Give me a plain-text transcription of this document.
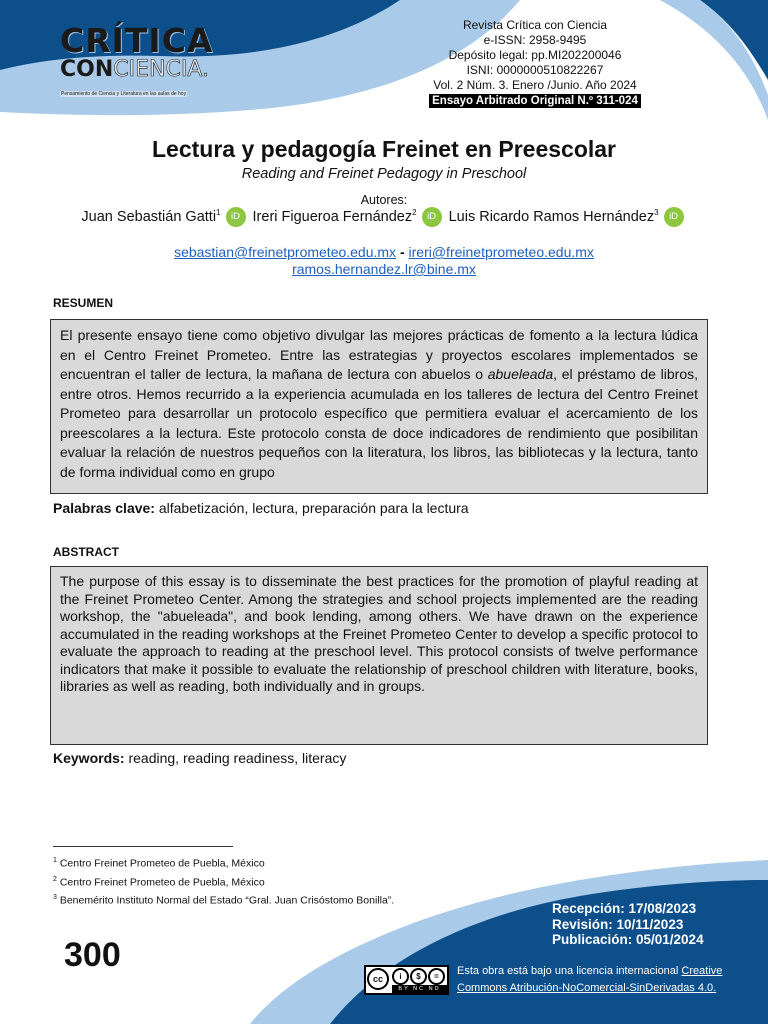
CRÍTICA
CONCIENCIA.
Pensamiento de Ciencia y Literatura en las aulas de hoy
Revista Crítica con Ciencia
e-ISSN: 2958-9495
Depósito legal: pp.MI202200046
ISNI: 0000000510822267
Vol. 2 Núm. 3. Enero /Junio. Año 2024
Ensayo Arbitrado Original N.º 311-024
Lectura y pedagogía Freinet en Preescolar
Reading and Freinet Pedagogy in Preschool
Autores:
Juan Sebastián Gatti$^1$ iD Ireri Figueroa Fernández$^2$ iD Luis Ricardo Ramos Hernández$^3$ iD
sebastian@freinetprometeo.edu.mx - ireri@freinetprometeo.edu.mx
ramos.hernandez.lr@bine.mx
RESUMEN
El presente ensayo tiene como objetivo divulgar las mejores prácticas de fomento a la lectura lúdica en el Centro Freinet Prometeo. Entre las estrategias y proyectos escolares implementados se encuentran el taller de lectura, la mañana de lectura con abuelos o abueleada, el préstamo de libros, entre otros. Hemos recurrido a la experiencia acumulada en los talleres de lectura del Centro Freinet Prometeo para desarrollar un protocolo específico que permitiera evaluar el acercamiento de los preescolares a la lectura. Este protocolo consta de doce indicadores de rendimiento que posibilitan evaluar la relación de nuestros pequeños con la literatura, los libros, las bibliotecas y la lectura, tanto de forma individual como en grupo
Palabras clave: alfabetización, lectura, preparación para la lectura
ABSTRACT
The purpose of this essay is to disseminate the best practices for the promotion of playful reading at the Freinet Prometeo Center. Among the strategies and school projects implemented are the reading workshop, the "abueleada", and book lending, among others. We have drawn on the experience accumulated in the reading workshops at the Freinet Prometeo Center to develop a specific protocol to evaluate the approach to reading at the preschool level. This protocol consists of twelve performance indicators that make it possible to evaluate the relationship of preschool children with literature, books, libraries as well as reading, both individually and in groups.
Keywords: reading, reading readiness, literacy
$^1$ Centro Freinet Prometeo de Puebla, México
$^2$ Centro Freinet Prometeo de Puebla, México
$^3$ Benemérito Instituto Normal del Estado “Gral. Juan Crisóstomo Bonilla”.
Recepción: 17/08/2023
Revisión: 10/11/2023
Publicación: 05/01/2024
300
cc	i	$	=
BY NC ND
Esta obra está bajo una licencia internacional Creative
Commons Atribución-NoComercial-SinDerivadas 4.0.
